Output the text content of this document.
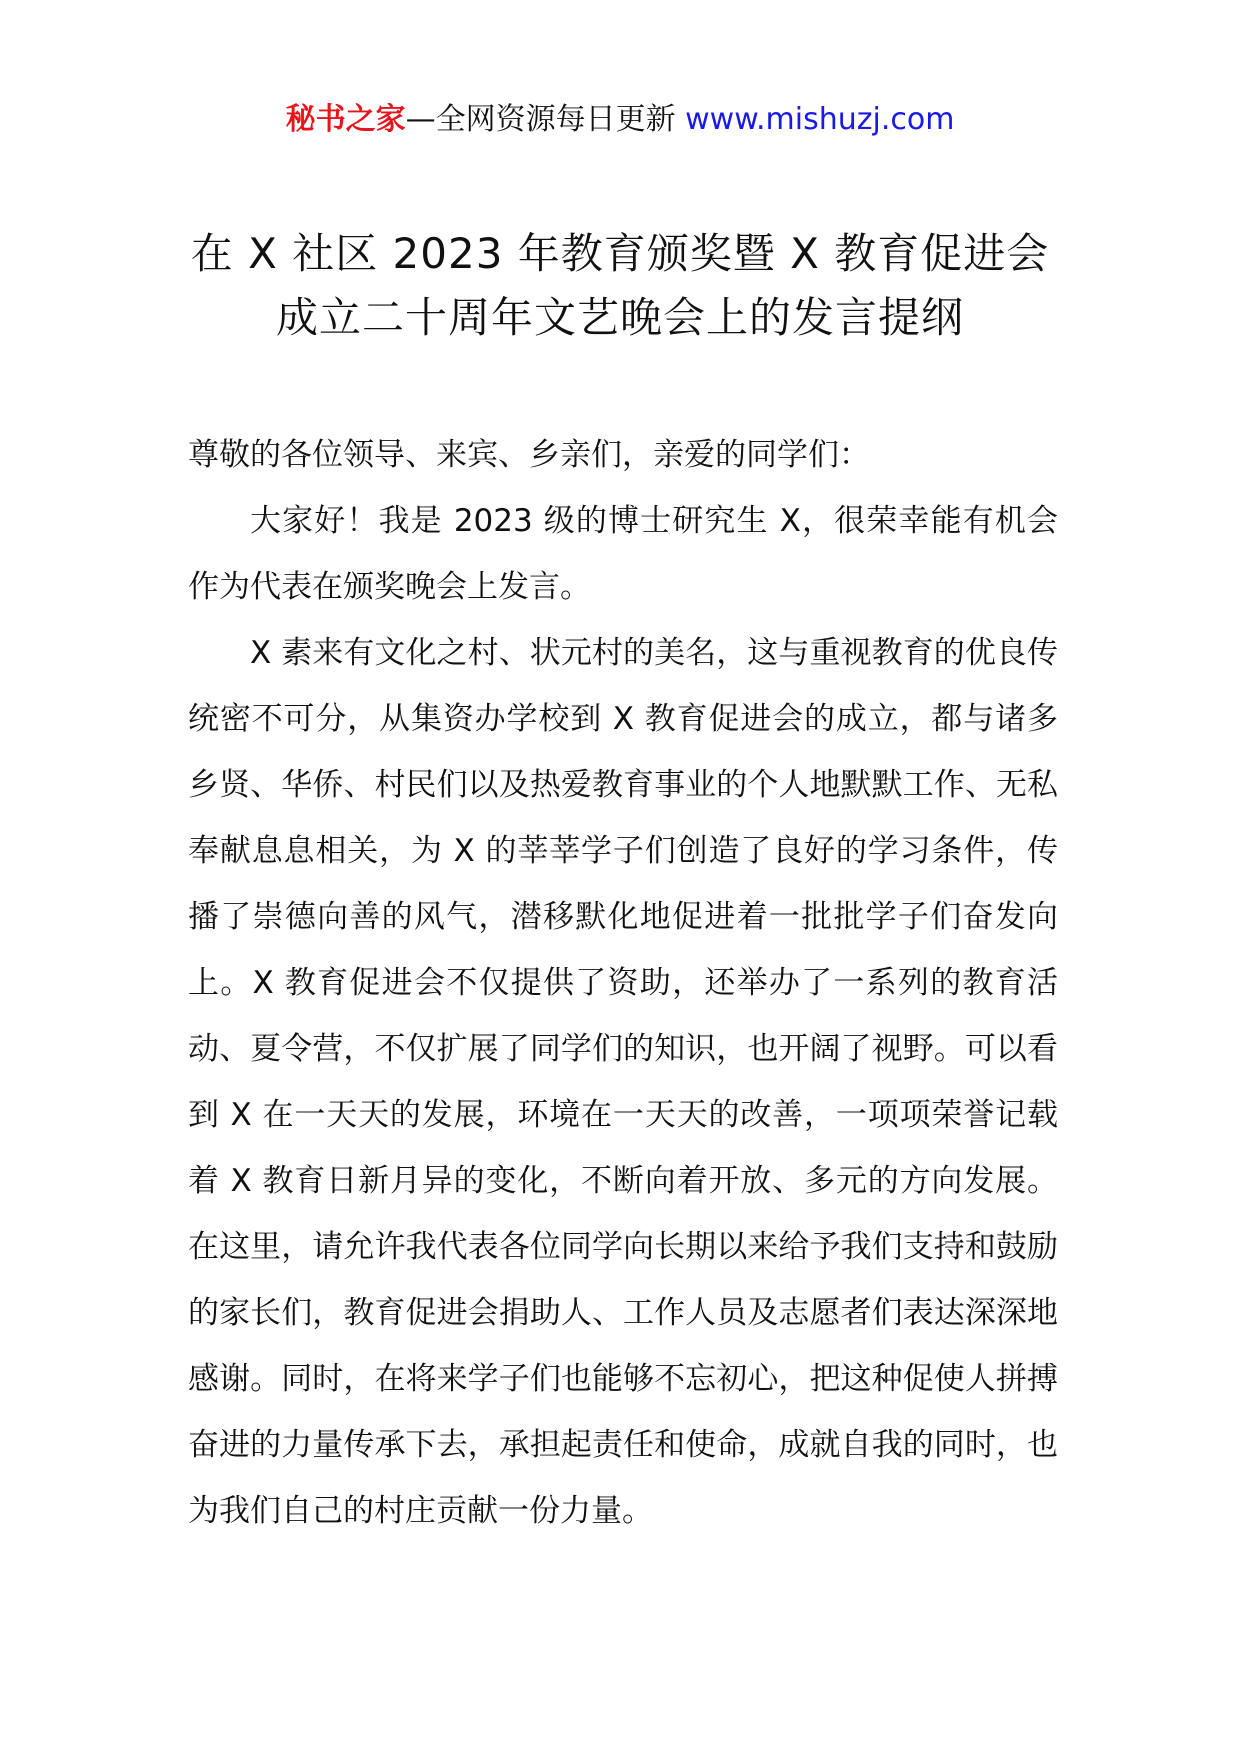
秘书之家—全网资源每日更新 www.mishuzj.com
在 X 社区 2023 年教育颁奖暨 X 教育促进会
成立二十周年文艺晚会上的发言提纲

尊敬的各位领导、来宾、乡亲们，亲爱的同学们：

大家好！我是 2023 级的博士研究生 X，很荣幸能有机会作为代表在颁奖晚会上发言。

X 素来有文化之村、状元村的美名，这与重视教育的优良传统密不可分，从集资办学校到 X 教育促进会的成立，都与诸多乡贤、华侨、村民们以及热爱教育事业的个人地默默工作、无私奉献息息相关，为 X 的莘莘学子们创造了良好的学习条件，传播了崇德向善的风气，潜移默化地促进着一批批学子们奋发向上。X 教育促进会不仅提供了资助，还举办了一系列的教育活动、夏令营，不仅扩展了同学们的知识，也开阔了视野。可以看到 X 在一天天的发展，环境在一天天的改善，一项项荣誉记载着 X 教育日新月异的变化，不断向着开放、多元的方向发展。在这里，请允许我代表各位同学向长期以来给予我们支持和鼓励的家长们，教育促进会捐助人、工作人员及志愿者们表达深深地感谢。同时，在将来学子们也能够不忘初心，把这种促使人拼搏奋进的力量传承下去，承担起责任和使命，成就自我的同时，也为我们自己的村庄贡献一份力量。
